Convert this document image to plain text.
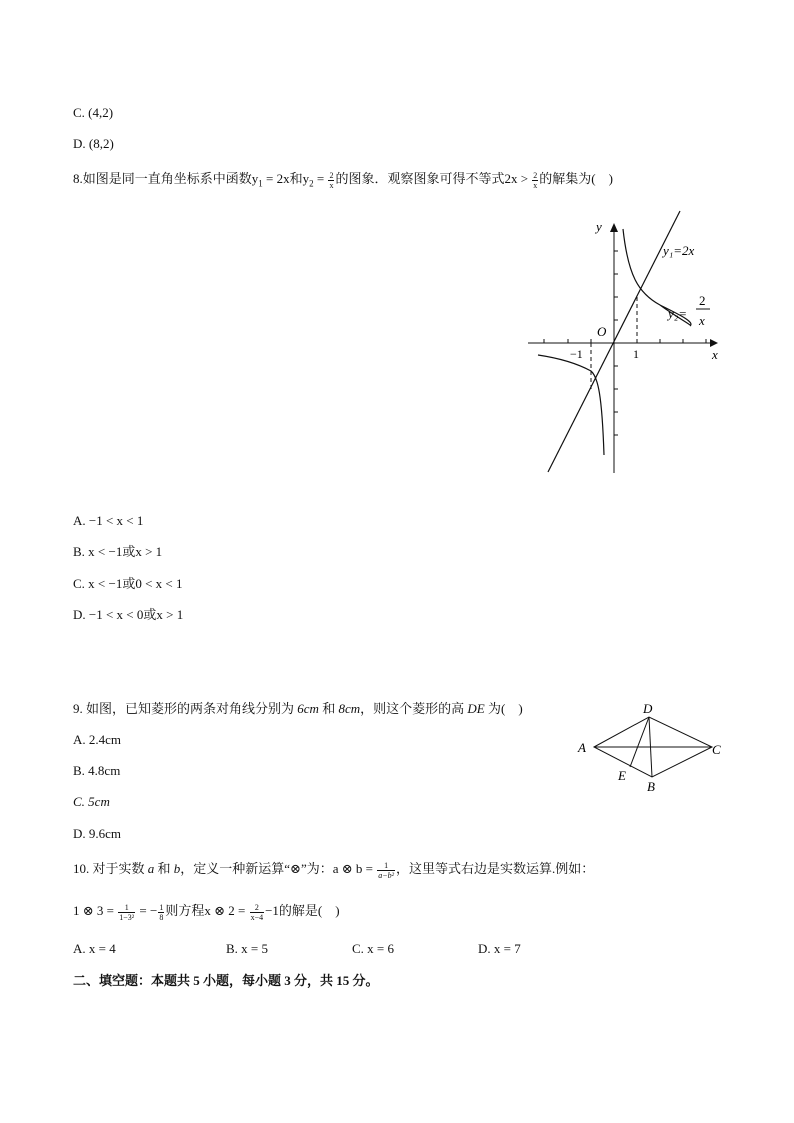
C. (4,2)
D. (8,2)
8.如图是同一直角坐标系中函数$y_1 = 2x$和$y_2 = \frac{2}{x}$ 的图象．观察图象可得不等式$2x > \frac{2}{x}$ 的解集为(　)
y
x
O
−1	1
y₁=2x
y₂=
2
x
A. −1 < x < 1
B. x < −1或x > 1
C. x < −1或0 < x < 1
D. −1 < x < 0或x > 1
9. 如图，已知菱形的两条对角线分别为 6cm 和 8cm，则这个菱形的高 DE 为(　)
A
D
C
E
B
A. 2.4cm
B. 4.8cm
C. 5cm
D. 9.6cm
10. 对于实数 a 和 b，定义一种新运算“⊗”为：a ⊗ $b = \frac{1}{\text{a−b²}}$ ，这里等式右边是实数运算.例如：
1 ⊗ $3 = \frac{1}{\text{1−3²}}$ = − $\frac{1}{8}$ 则方程x ⊗ $2 = \frac{2}{x-4} -1$的解是(　)
A. x = 4	B. x = 5	C. x = 6	D. x = 7
二、填空题：本题共 5 小题，每小题 3 分，共 15 分。
